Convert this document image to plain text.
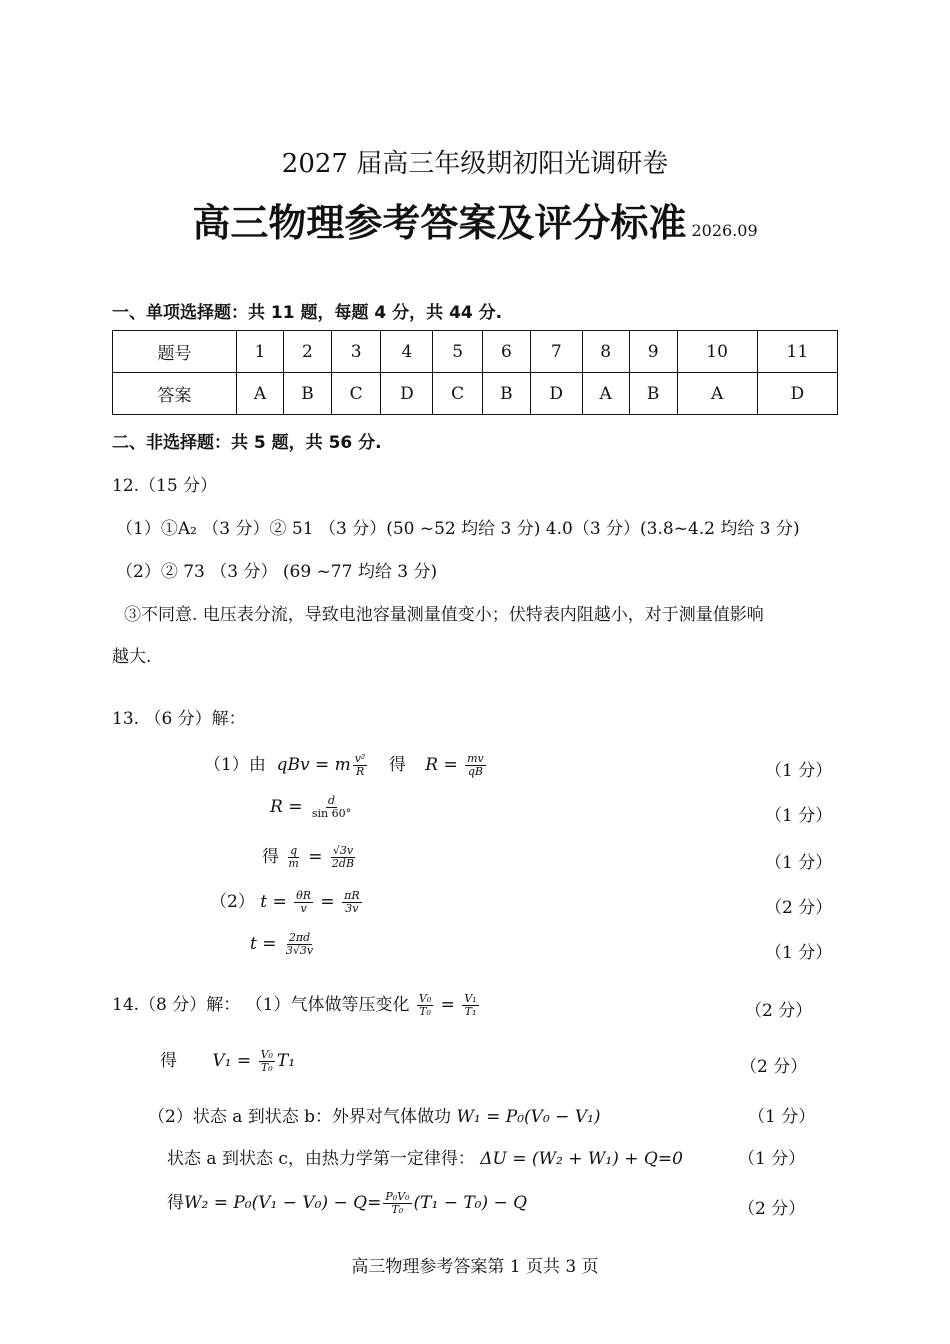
2027 届高三年级期初阳光调研卷
高三物理参考答案及评分标准 2026.09
一、单项选择题：共 11 题，每题 4 分，共 44 分.
题号	1	2	3	4	5	6	7	8	9	10	11
答案	A	B	C	D	C	B	D	A	B	A	D
二、非选择题：共 5 题，共 56 分.
12.（15 分）
（1）①A₂ （3 分）② 51 （3 分）(50 ~52 均给 3 分) 4.0（3 分）(3.8~4.2 均给 3 分)
（2）② 73 （3 分） (69 ~77 均给 3 分)
③不同意. 电压表分流，导致电池容量测量值变小；伏特表内阻越小，对于测量值影响
越大.
13. （6 分）解：
（1）由  qBv = m $\frac{\text{v²}}{R}$ 得 $R = \frac{mv}{qB}$	（1 分）
$R = \frac{d}{\sin 60^\circ}$	（1 分）
得 $\frac{q}{m} = \frac{√3v}{2dB}$	（1 分）
（2） $t = \frac{\theta R}{v} = \frac{\pi R}{3v}$	（2 分）
$t = \frac{2\pi d}{3√3v}$	（1 分）
14.（8 分）解： （1）气体做等压变化 $\frac{\text{V₀}}{\text{T₀}} = \frac{\text{V₁}}{\text{T₁}}$	（2 分）
得 $V_1 = \frac{\text{V₀}}{\text{T₀}} T_1$	（2 分）
（2）状态 a 到状态 b：外界对气体做功 W₁ = P₀(V₀ − V₁)	（1 分）
状态 a 到状态 c，由热力学第一定律得： ΔU = (W₂ + W₁) + Q=0	（1 分）
得$W_2 = P_0(V_1 - V_0) - Q= \frac{\text{P₀V₀}}{\text{T₀}} (T_1 - T_0) - Q$	（2 分）
高三物理参考答案第 1 页共 3 页
